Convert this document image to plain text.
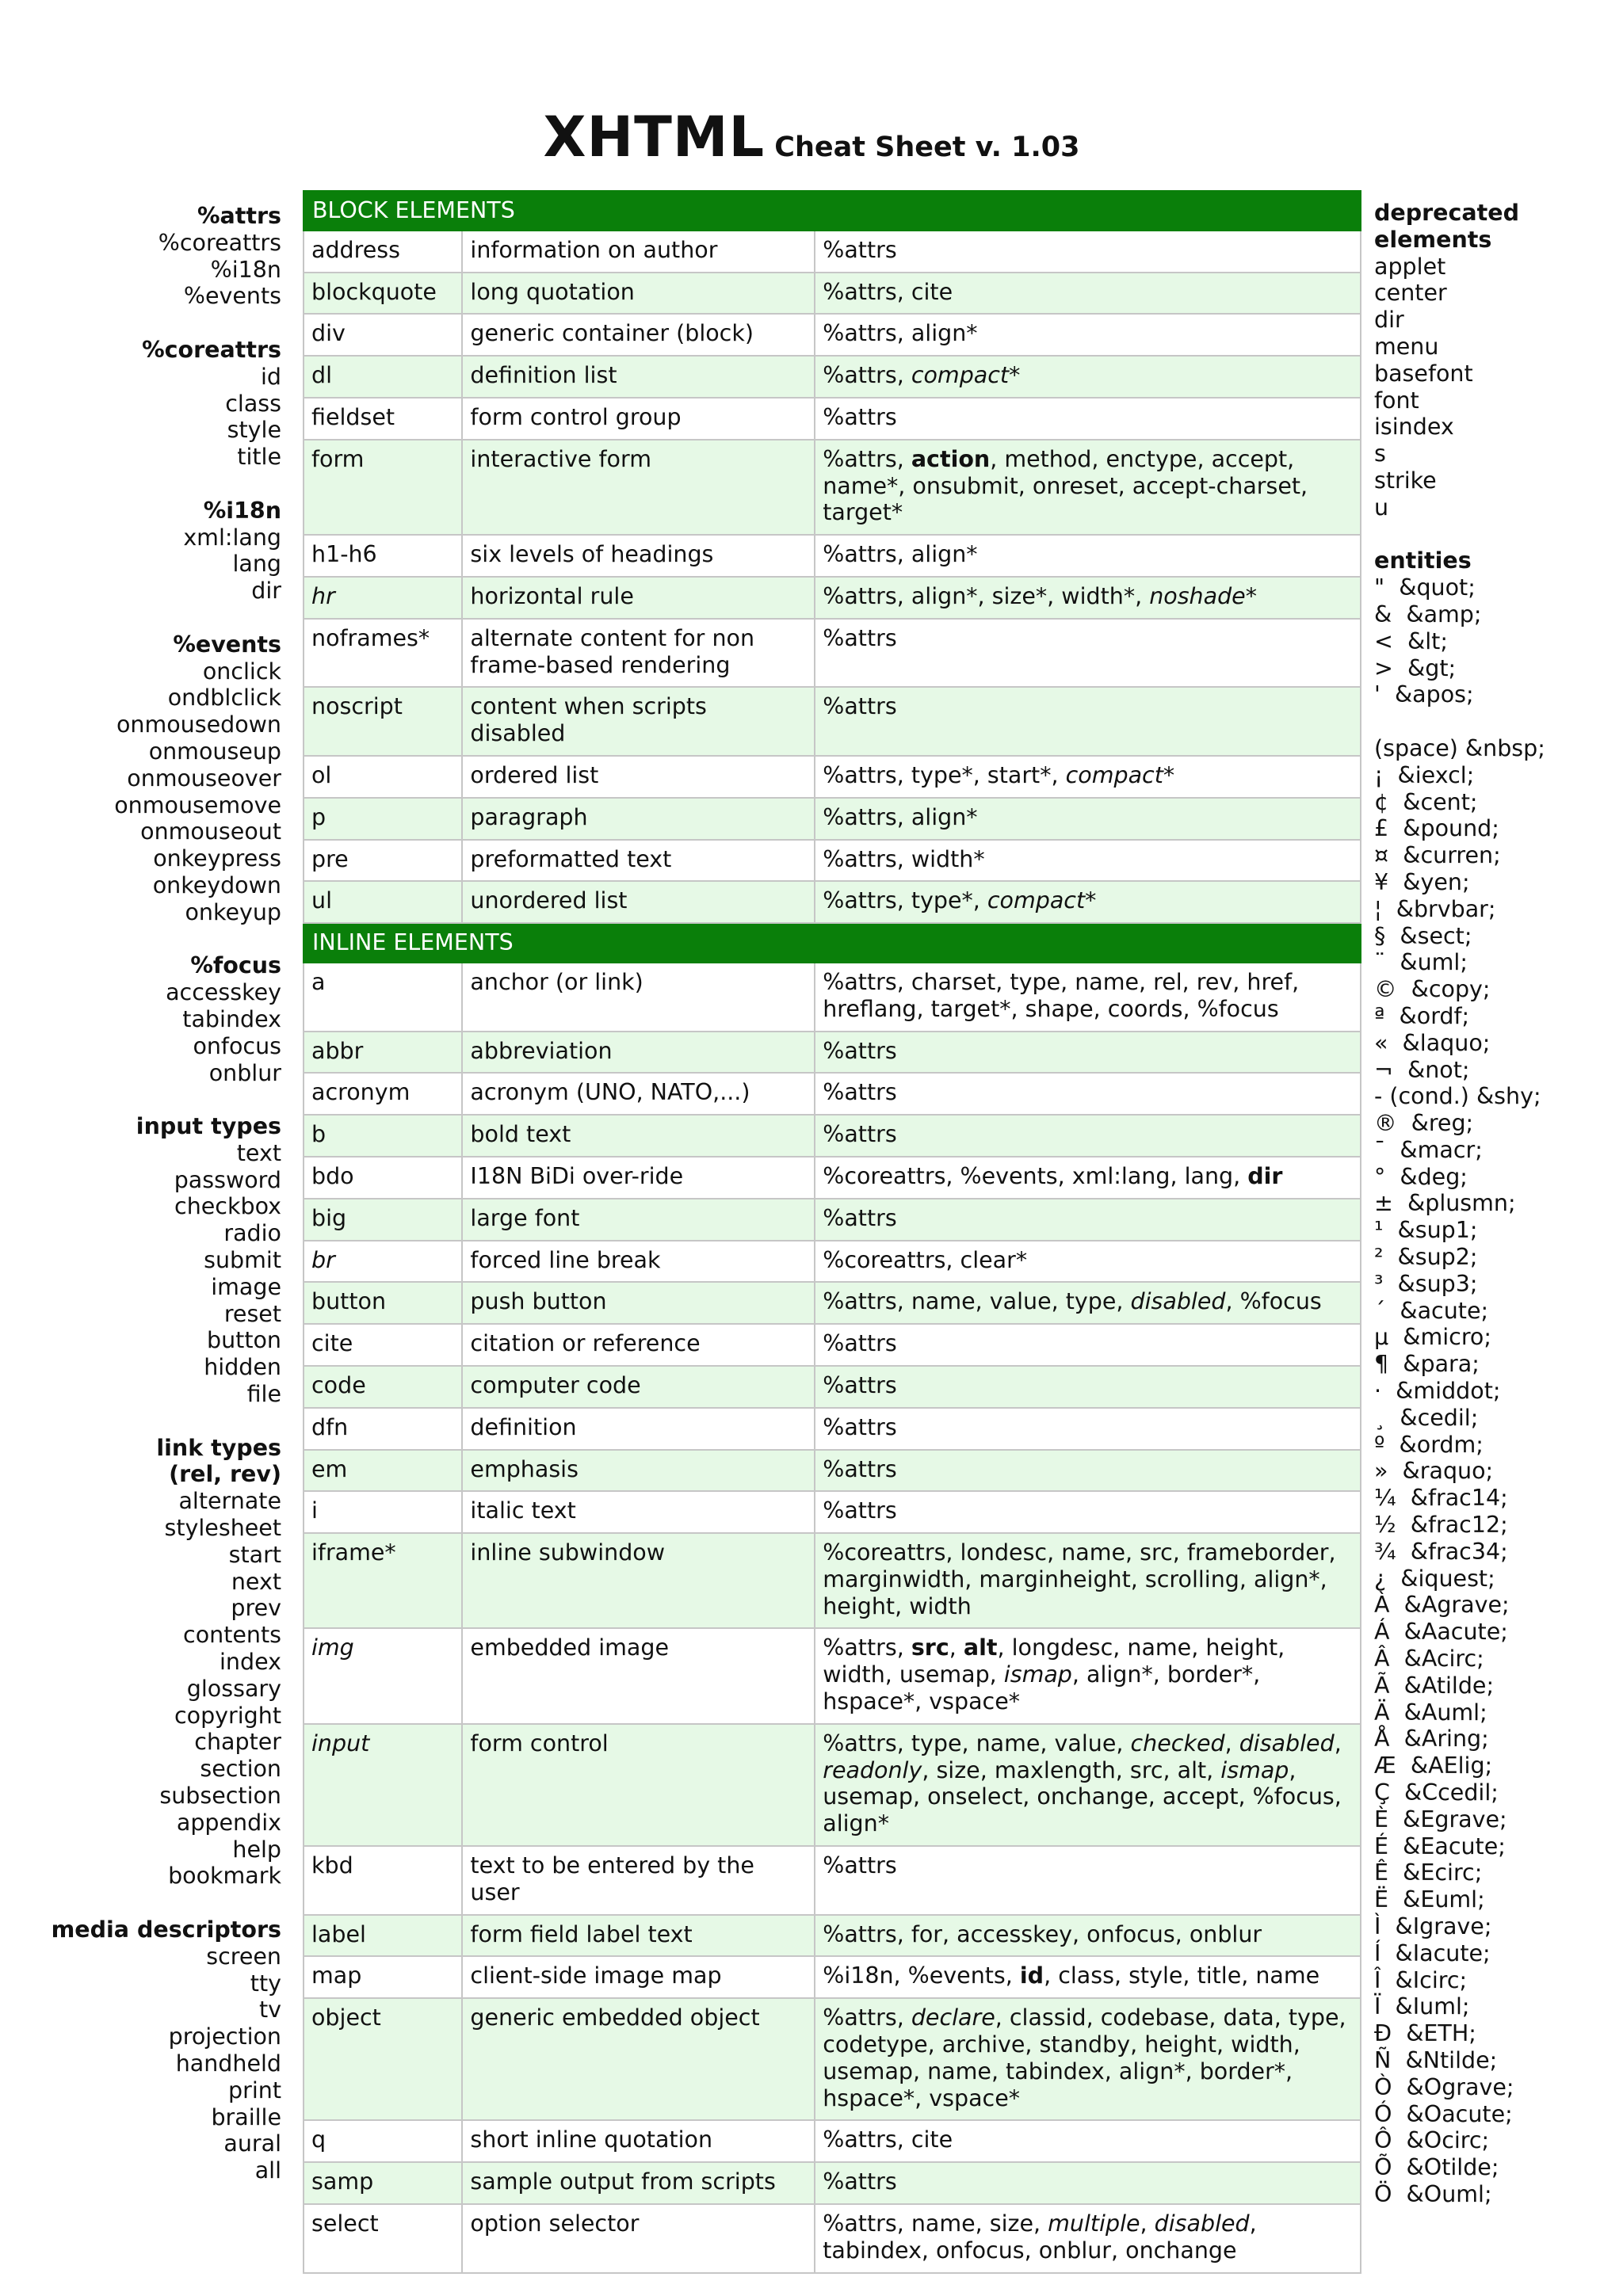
XHTML Cheat Sheet v. 1.03
%attrs
%coreattrs
%i18n
%events
%coreattrs
id
class
style
title
%i18n
xml:lang
lang
dir
%events
onclick
ondblclick
onmousedown
onmouseup
onmouseover
onmousemove
onmouseout
onkeypress
onkeydown
onkeyup
%focus
accesskey
tabindex
onfocus
onblur
input types
text
password
checkbox
radio
submit
image
reset
button
hidden
file
link types
(rel, rev)
alternate
stylesheet
start
next
prev
contents
index
glossary
copyright
chapter
section
subsection
appendix
help
bookmark
media descriptors
screen
tty
tv
projection
handheld
print
braille
aural
all
BLOCK ELEMENTS		
address	information on author	%attrs
blockquote	long quotation	%attrs, cite
div	generic container (block)	%attrs, align*
dl	definition list	%attrs, compact*
fieldset	form control group	%attrs
form	interactive form	%attrs, action, method, enctype, accept, name*, onsubmit, onreset, accept-charset, target*
h1-h6	six levels of headings	%attrs, align*
hr	horizontal rule	%attrs, align*, size*, width*, noshade*
noframes*	alternate content for non frame-based rendering	%attrs
noscript	content when scripts disabled	%attrs
ol	ordered list	%attrs, type*, start*, compact*
p	paragraph	%attrs, align*
pre	preformatted text	%attrs, width*
ul	unordered list	%attrs, type*, compact*
INLINE ELEMENTS		
a	anchor (or link)	%attrs, charset, type, name, rel, rev, href, hreflang, target*, shape, coords, %focus
abbr	abbreviation	%attrs
acronym	acronym (UNO, NATO,...)	%attrs
b	bold text	%attrs
bdo	I18N BiDi over-ride	%coreattrs, %events, xml:lang, lang, dir
big	large font	%attrs
br	forced line break	%coreattrs, clear*
button	push button	%attrs, name, value, type, disabled, %focus
cite	citation or reference	%attrs
code	computer code	%attrs
dfn	definition	%attrs
em	emphasis	%attrs
i	italic text	%attrs
iframe*	inline subwindow	%coreattrs, londesc, name, src, frameborder, marginwidth, marginheight, scrolling, align*, height, width
img	embedded image	%attrs, src, alt, longdesc, name, height, width, usemap, ismap, align*, border*, hspace*, vspace*
input	form control	%attrs, type, name, value, checked, disabled, readonly, size, maxlength, src, alt, ismap, usemap, onselect, onchange, accept, %focus, align*
kbd	text to be entered by the user	%attrs
label	form field label text	%attrs, for, accesskey, onfocus, onblur
map	client-side image map	%i18n, %events, id, class, style, title, name
object	generic embedded object	%attrs, declare, classid, codebase, data, type, codetype, archive, standby, height, width, usemap, name, tabindex, align*, border*, hspace*, vspace*
q	short inline quotation	%attrs, cite
samp	sample output from scripts	%attrs
select	option selector	%attrs, name, size, multiple, disabled, tabindex, onfocus, onblur, onchange
deprecated
elements
applet
center
dir
menu
basefont
font
isindex
s
strike
u
entities
"  &quot;
&  &amp;
<  &lt;
>  &gt;
'  &apos;
(space) &nbsp;
¡  &iexcl;
¢  &cent;
£  &pound;
¤  &curren;
¥  &yen;
¦  &brvbar;
§  &sect;
¨  &uml;
©  &copy;
ª  &ordf;
«  &laquo;
¬  &not;
- (cond.) &shy;
®  &reg;
¯  &macr;
°  &deg;
±  &plusmn;
¹  &sup1;
²  &sup2;
³  &sup3;
´  &acute;
µ  &micro;
¶  &para;
·  &middot;
¸  &cedil;
º  &ordm;
»  &raquo;
¼  &frac14;
½  &frac12;
¾  &frac34;
¿  &iquest;
À  &Agrave;
Á  &Aacute;
Â  &Acirc;
Ã  &Atilde;
Ä  &Auml;
Å  &Aring;
Æ  &AElig;
Ç  &Ccedil;
È  &Egrave;
É  &Eacute;
Ê  &Ecirc;
Ë  &Euml;
Ì  &Igrave;
Í  &Iacute;
Î  &Icirc;
Ï  &Iuml;
Ð  &ETH;
Ñ  &Ntilde;
Ò  &Ograve;
Ó  &Oacute;
Ô  &Ocirc;
Õ  &Otilde;
Ö  &Ouml;
